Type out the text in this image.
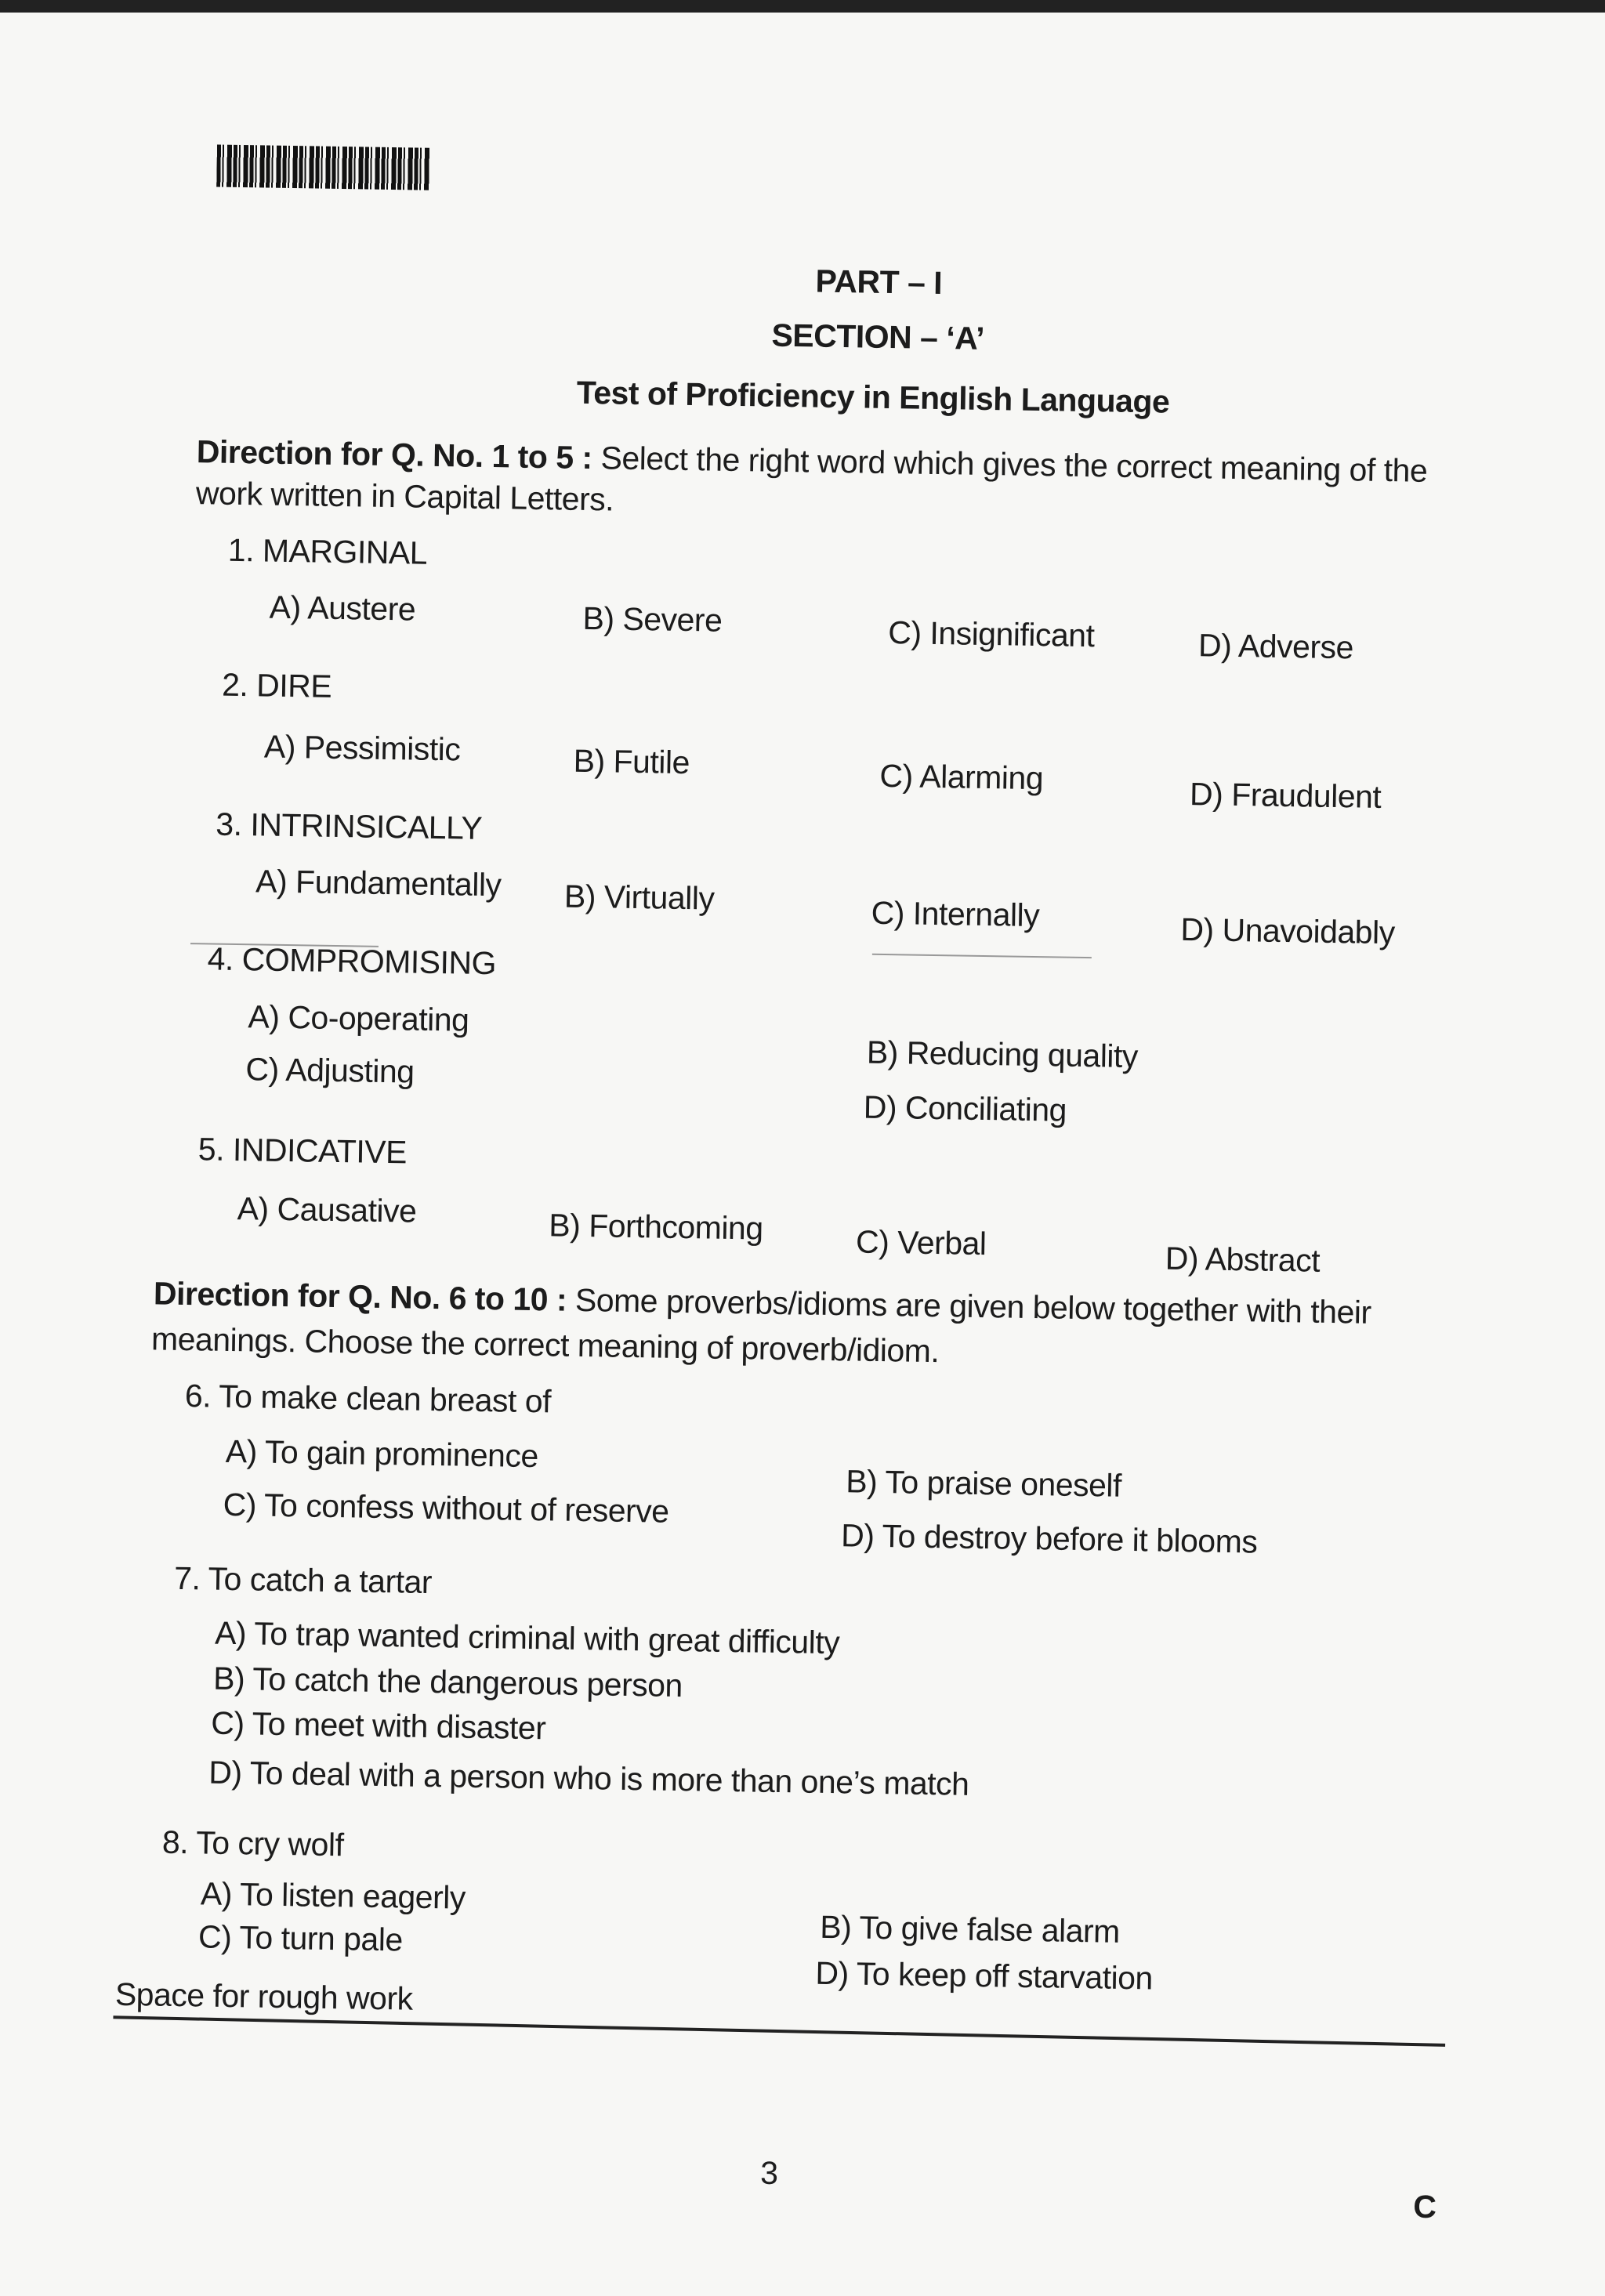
PART – I
SECTION – ‘A’
Test of Proficiency in English Language
Direction for Q. No. 1 to 5 : Select the right word which gives the correct meaning of the
work written in Capital Letters.
1. MARGINAL
A) Austere	B) Severe	C) Insignificant	D) Adverse
2. DIRE
A) Pessimistic	B) Futile	C) Alarming	D) Fraudulent
3. INTRINSICALLY
A) Fundamentally B) Virtually	C) Internally	D) Unavoidably
4. COMPROMISING
A) Co-operating
B) Reducing quality
C) Adjusting
D) Conciliating
5. INDICATIVE
A) Causative	B) Forthcoming	C) Verbal	D) Abstract
Direction for Q. No. 6 to 10 : Some proverbs/idioms are given below together with their
meanings. Choose the correct meaning of proverb/idiom.
6. To make clean breast of
A) To gain prominence
B) To praise oneself
C) To confess without of reserve
D) To destroy before it blooms
7. To catch a tartar
A) To trap wanted criminal with great difficulty
B) To catch the dangerous person
C) To meet with disaster
D) To deal with a person who is more than one’s match
8. To cry wolf
A) To listen eagerly
B) To give false alarm
C) To turn pale
D) To keep off starvation
Space for rough work
3
C
